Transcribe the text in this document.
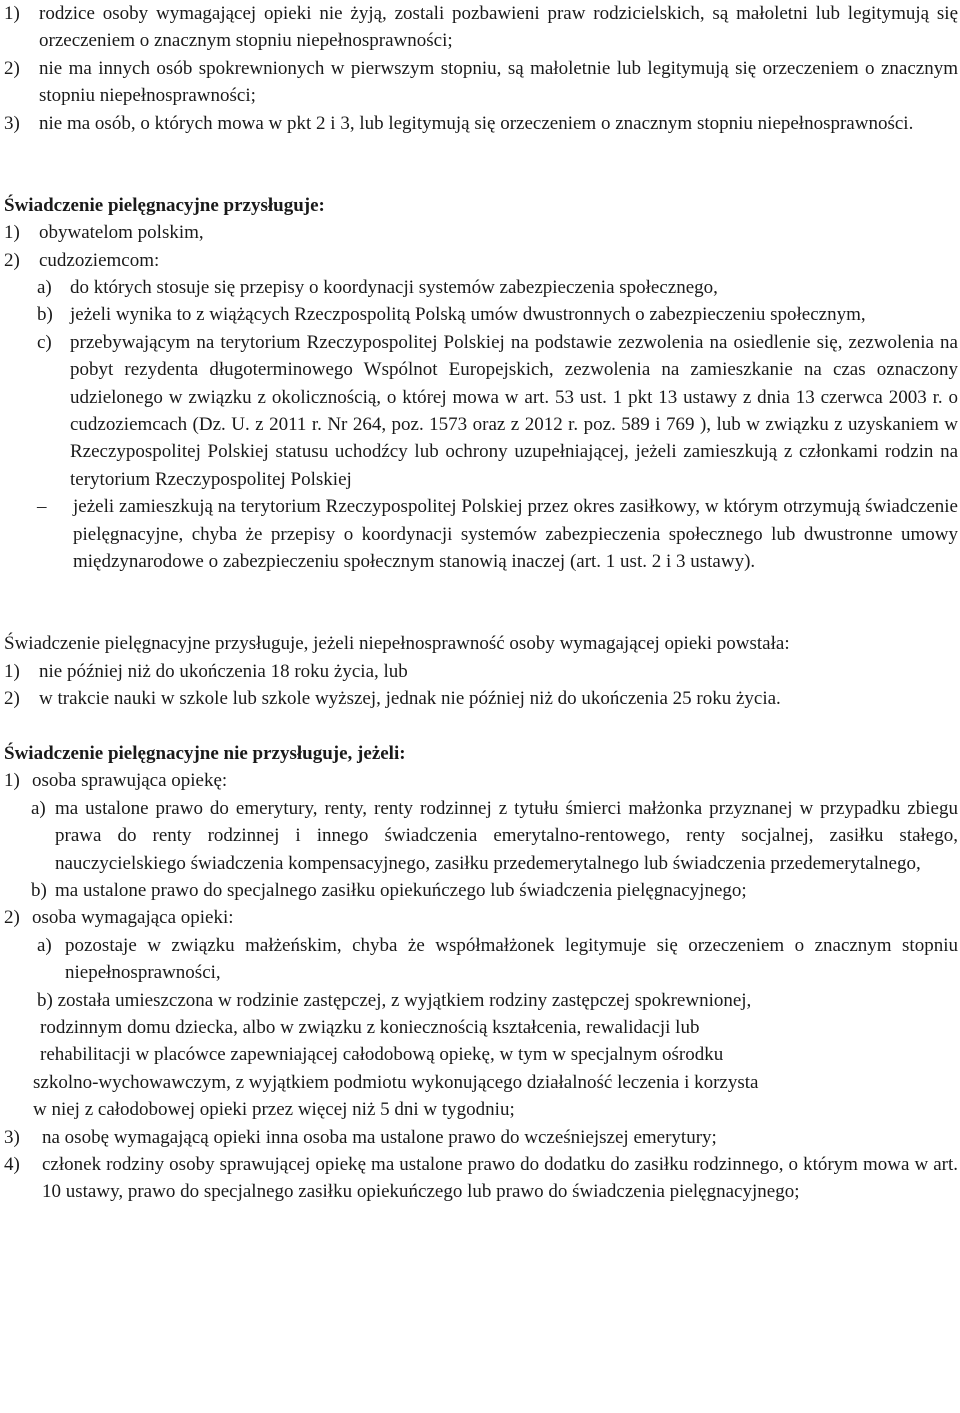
1)	rodzice osoby wymagającej opieki nie żyją, zostali pozbawieni praw rodzicielskich, są małoletni lub legitymują się orzeczeniem o znacznym stopniu niepełnosprawności;
2)	nie ma innych osób spokrewnionych w pierwszym stopniu, są małoletnie lub legitymują się orzeczeniem o znacznym stopniu niepełnosprawności;
3)	nie ma osób, o których mowa w pkt 2 i 3, lub legitymują się orzeczeniem o znacznym stopniu niepełnosprawności.
Świadczenie pielęgnacyjne przysługuje:
1)	obywatelom polskim,
2)	cudzoziemcom:
a) do których stosuje się przepisy o koordynacji systemów zabezpieczenia społecznego,
b) jeżeli wynika to z wiążących Rzeczpospolitą Polską umów dwustronnych o zabezpieczeniu społecznym,
c) przebywającym na terytorium Rzeczypospolitej Polskiej na podstawie zezwolenia na osiedlenie się, zezwolenia na pobyt rezydenta długoterminowego Wspólnot Europejskich, zezwolenia na zamieszkanie na czas oznaczony udzielonego w związku z okolicznością, o której mowa w art. 53 ust. 1 pkt 13 ustawy z dnia 13 czerwca 2003 r. o cudzoziemcach (Dz. U. z 2011 r. Nr 264, poz. 1573 oraz z 2012 r. poz. 589 i 769 ), lub w związku z uzyskaniem w Rzeczypospolitej Polskiej statusu uchodźcy lub ochrony uzupełniającej, jeżeli zamieszkują z członkami rodzin na terytorium Rzeczypospolitej Polskiej
–	jeżeli zamieszkują na terytorium Rzeczypospolitej Polskiej przez okres zasiłkowy, w którym otrzymują świadczenie pielęgnacyjne, chyba że przepisy o koordynacji systemów zabezpieczenia społecznego lub dwustronne umowy międzynarodowe o zabezpieczeniu społecznym stanowią inaczej (art. 1 ust. 2 i 3 ustawy).
Świadczenie pielęgnacyjne przysługuje, jeżeli niepełnosprawność osoby wymagającej opieki powstała:
1)	nie później niż do ukończenia 18 roku życia, lub
2)	w trakcie nauki w szkole lub szkole wyższej, jednak nie później niż do ukończenia 25 roku życia.
Świadczenie pielęgnacyjne nie przysługuje, jeżeli:
1) osoba sprawująca opiekę:
a) ma ustalone prawo do emerytury, renty, renty rodzinnej z tytułu śmierci małżonka przyznanej w przypadku zbiegu prawa do renty rodzinnej i innego świadczenia emerytalno-rentowego, renty socjalnej, zasiłku stałego, nauczycielskiego świadczenia kompensacyjnego, zasiłku przedemerytalnego lub świadczenia przedemerytalnego,
b) ma ustalone prawo do specjalnego zasiłku opiekuńczego lub świadczenia pielęgnacyjnego;
2) osoba wymagająca opieki:
a) pozostaje w związku małżeńskim, chyba że współmałżonek legitymuje się orzeczeniem o znacznym stopniu niepełnosprawności,
b) została umieszczona w rodzinie zastępczej, z wyjątkiem rodziny zastępczej spokrewnionej,
rodzinnym domu dziecka, albo w związku z koniecznością kształcenia, rewalidacji lub
rehabilitacji w placówce zapewniającej całodobową opiekę, w tym w specjalnym ośrodku
szkolno-wychowawczym, z wyjątkiem podmiotu wykonującego działalność leczenia i korzysta
w niej z całodobowej opieki przez więcej niż 5 dni w tygodniu;
3)	na osobę wymagającą opieki inna osoba ma ustalone prawo do wcześniejszej emerytury;
4)	członek rodziny osoby sprawującej opiekę ma ustalone prawo do dodatku do zasiłku rodzinnego, o którym mowa w art. 10 ustawy, prawo do specjalnego zasiłku opiekuńczego lub prawo do świadczenia pielęgnacyjnego;
